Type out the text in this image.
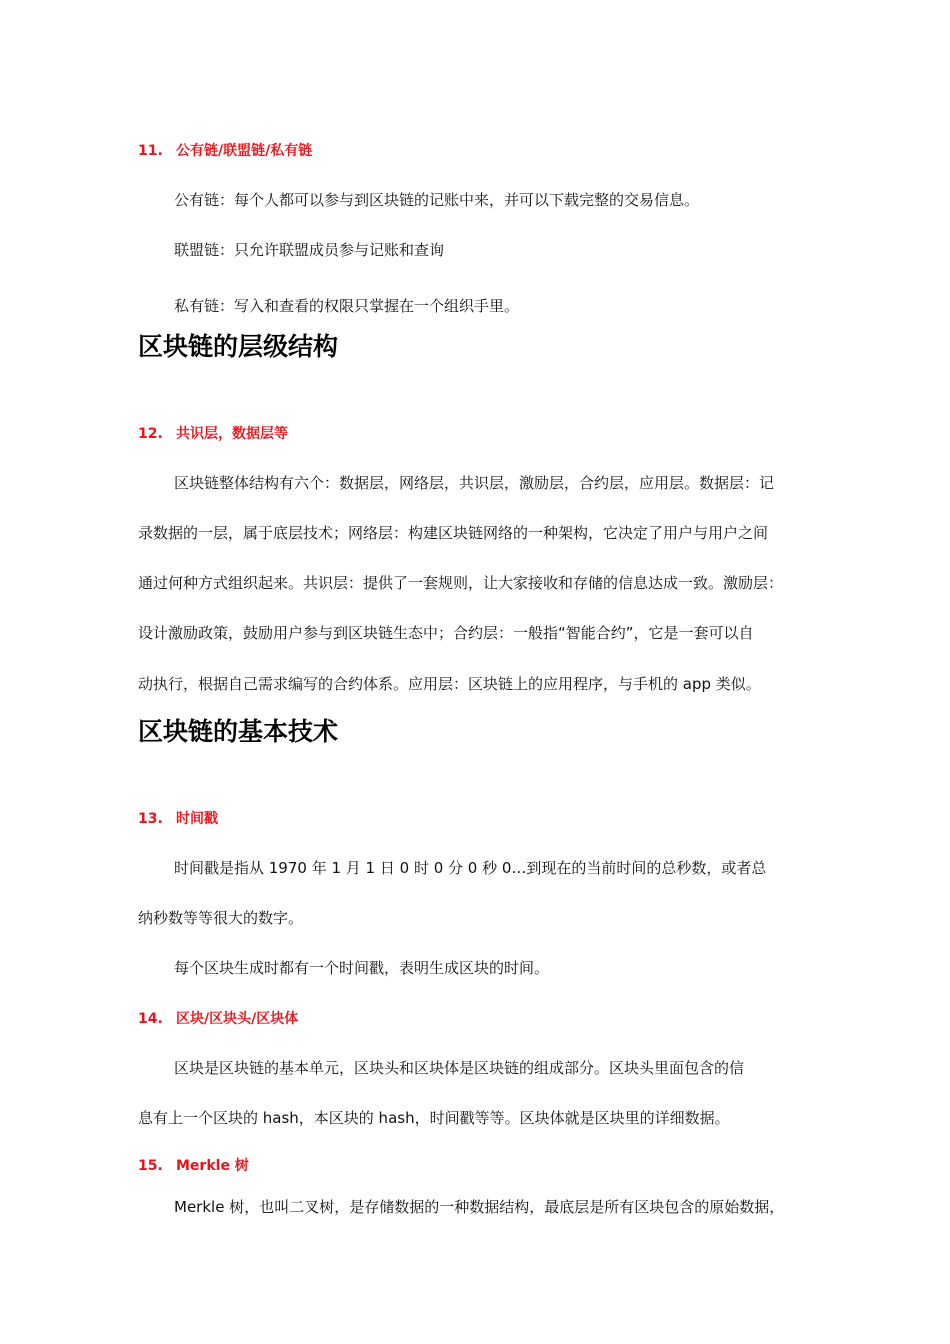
11. 公有链/联盟链/私有链
公有链：每个人都可以参与到区块链的记账中来，并可以下载完整的交易信息。
联盟链：只允许联盟成员参与记账和查询
私有链：写入和查看的权限只掌握在一个组织手里。
区块链的层级结构
12. 共识层，数据层等
区块链整体结构有六个：数据层，网络层，共识层，激励层，合约层，应用层。数据层：记
录数据的一层，属于底层技术；网络层：构建区块链网络的一种架构，它决定了用户与用户之间
通过何种方式组织起来。共识层：提供了一套规则，让大家接收和存储的信息达成一致。激励层：
设计激励政策，鼓励用户参与到区块链生态中；合约层：一般指“智能合约”，它是一套可以自
动执行，根据自己需求编写的合约体系。应用层：区块链上的应用程序，与手机的 app 类似。
区块链的基本技术
13. 时间戳
时间戳是指从 1970 年 1 月 1 日 0 时 0 分 0 秒 0…到现在的当前时间的总秒数，或者总
纳秒数等等很大的数字。
每个区块生成时都有一个时间戳，表明生成区块的时间。
14. 区块/区块头/区块体
区块是区块链的基本单元，区块头和区块体是区块链的组成部分。区块头里面包含的信
息有上一个区块的 hash，本区块的 hash，时间戳等等。区块体就是区块里的详细数据。
15. Merkle 树
Merkle 树，也叫二叉树，是存储数据的一种数据结构，最底层是所有区块包含的原始数据，
